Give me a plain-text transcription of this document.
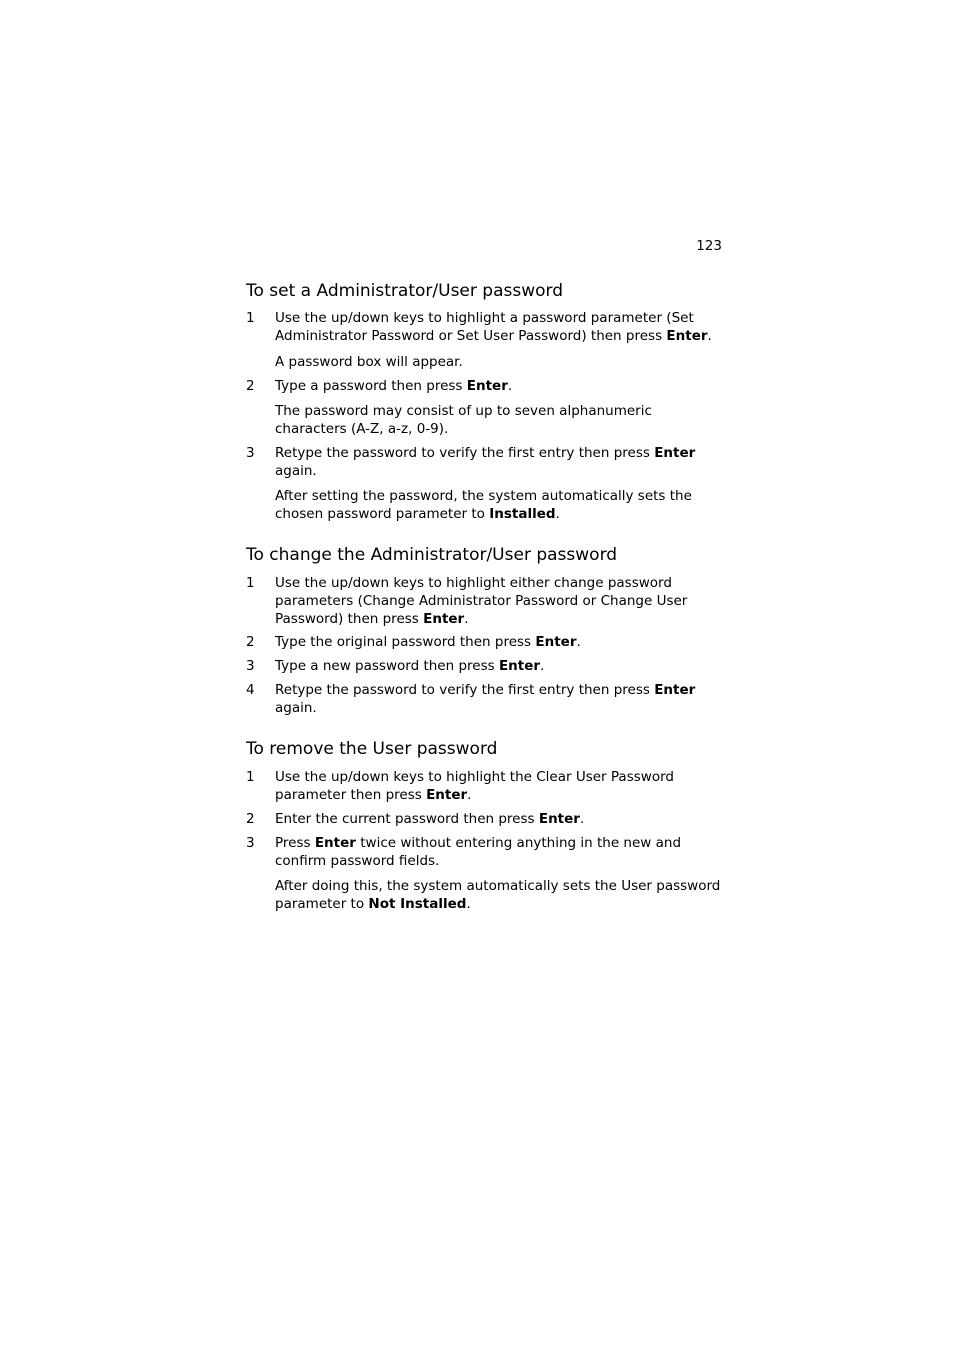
123
To set a Administrator/User password
1	Use the up/down keys to highlight a password parameter (Set Administrator Password or Set User Password) then press Enter.
A password box will appear.
2	Type a password then press Enter.
The password may consist of up to seven alphanumeric characters (A-Z, a-z, 0-9).
3	Retype the password to verify the first entry then press Enter again.
After setting the password, the system automatically sets the chosen password parameter to Installed.
To change the Administrator/User password
1	Use the up/down keys to highlight either change password parameters (Change Administrator Password or Change User Password) then press Enter.
2	Type the original password then press Enter.
3	Type a new password then press Enter.
4	Retype the password to verify the first entry then press Enter again.
To remove the User password
1	Use the up/down keys to highlight the Clear User Password parameter then press Enter.
2	Enter the current password then press Enter.
3	Press Enter twice without entering anything in the new and confirm password fields.
After doing this, the system automatically sets the User password parameter to Not Installed.
